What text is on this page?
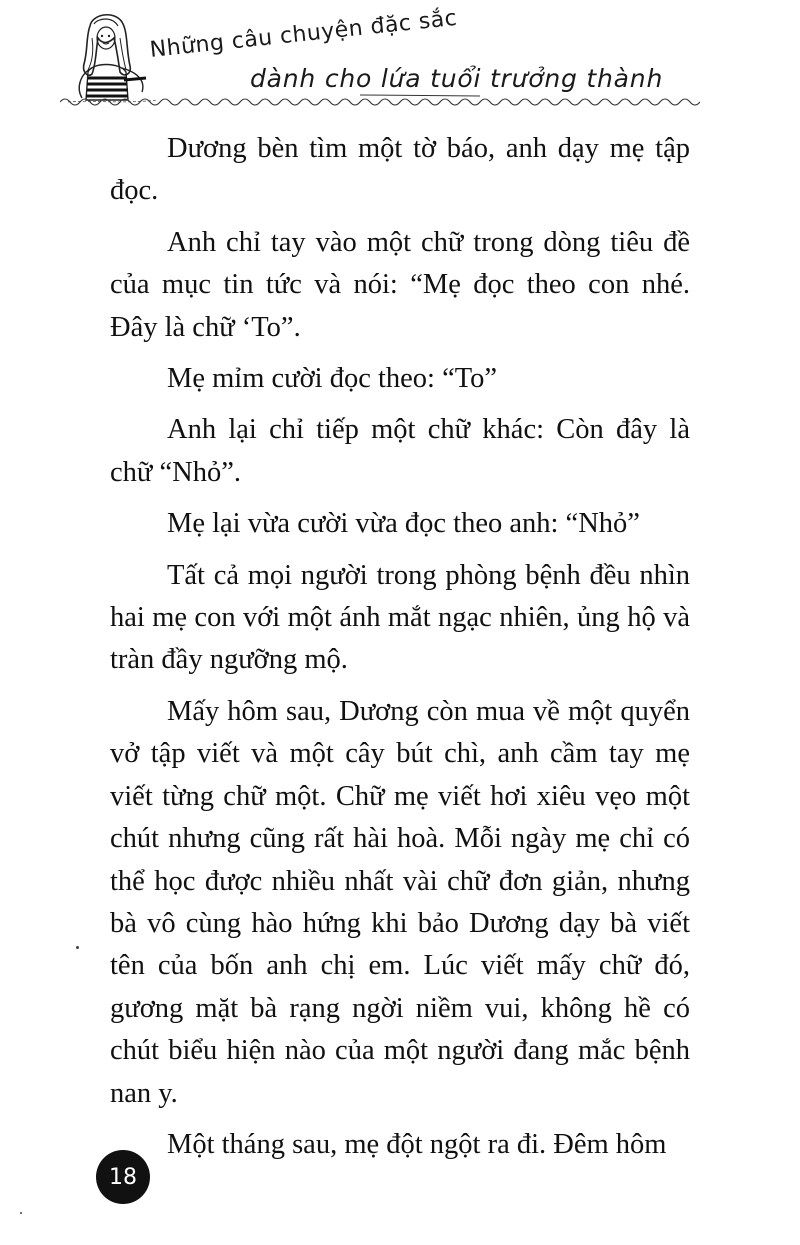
Những câu chuyện đặc sắc
dành cho lứa tuổi trưởng thành

Dương bèn tìm một tờ báo, anh dạy mẹ tập đọc.

Anh chỉ tay vào một chữ trong dòng tiêu đề của mục tin tức và nói: “Mẹ đọc theo con nhé. Đây là chữ ‘To”.

Mẹ mỉm cười đọc theo: “To”

Anh lại chỉ tiếp một chữ khác: Còn đây là chữ “Nhỏ”.

Mẹ lại vừa cười vừa đọc theo anh: “Nhỏ”

Tất cả mọi người trong phòng bệnh đều nhìn hai mẹ con với một ánh mắt ngạc nhiên, ủng hộ và tràn đầy ngưỡng mộ.

Mấy hôm sau, Dương còn mua về một quyển vở tập viết và một cây bút chì, anh cầm tay mẹ viết từng chữ một. Chữ mẹ viết hơi xiêu vẹo một chút nhưng cũng rất hài hoà. Mỗi ngày mẹ chỉ có thể học được nhiều nhất vài chữ đơn giản, nhưng bà vô cùng hào hứng khi bảo Dương dạy bà viết tên của bốn anh chị em. Lúc viết mấy chữ đó, gương mặt bà rạng ngời niềm vui, không hề có chút biểu hiện nào của một người đang mắc bệnh nan y.

Một tháng sau, mẹ đột ngột ra đi. Đêm hôm

18
